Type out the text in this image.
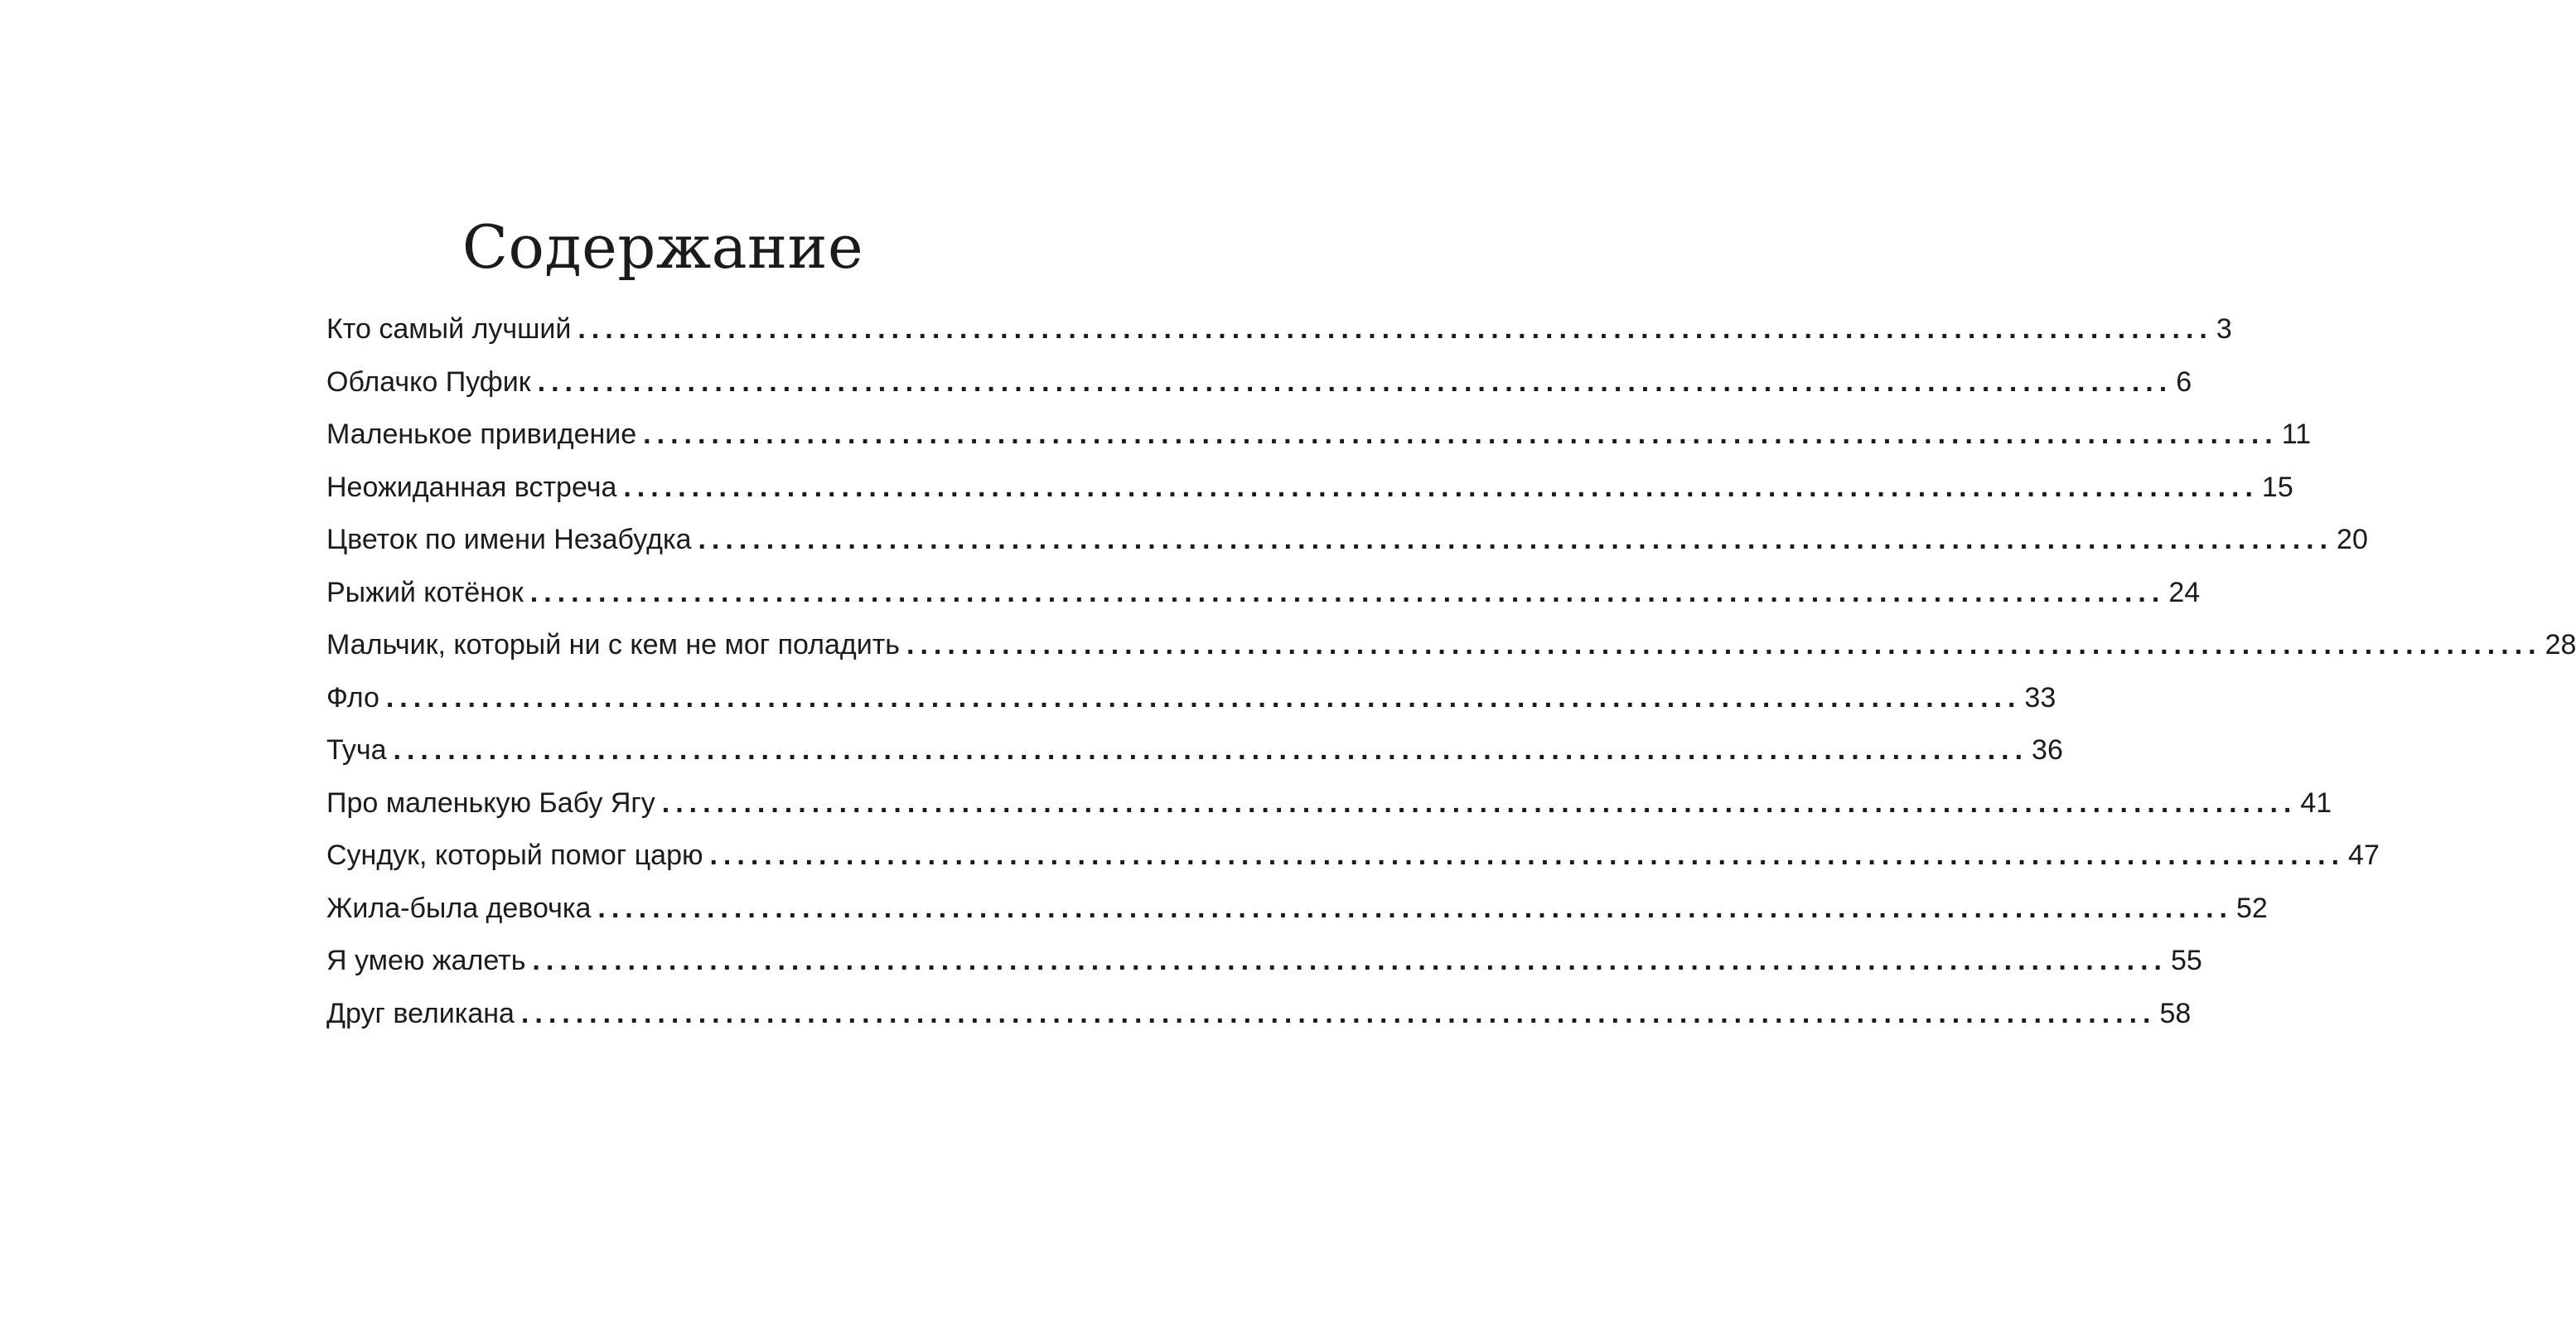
Содержание
Кто самый лучший ........................................................................................................................ 3
Облачко Пуфик ........................................................................................................................ 6
Маленькое привидение ........................................................................................................................ 11
Неожиданная встреча ........................................................................................................................ 15
Цветок по имени Незабудка ........................................................................................................................ 20
Рыжий котёнок ........................................................................................................................ 24
Мальчик, который ни с кем не мог поладить ........................................................................................................................ 28
Фло ........................................................................................................................ 33
Туча ........................................................................................................................ 36
Про маленькую Бабу Ягу ........................................................................................................................ 41
Сундук, который помог царю ........................................................................................................................ 47
Жила-была девочка ........................................................................................................................ 52
Я умею жалеть ........................................................................................................................ 55
Друг великана ........................................................................................................................ 58
